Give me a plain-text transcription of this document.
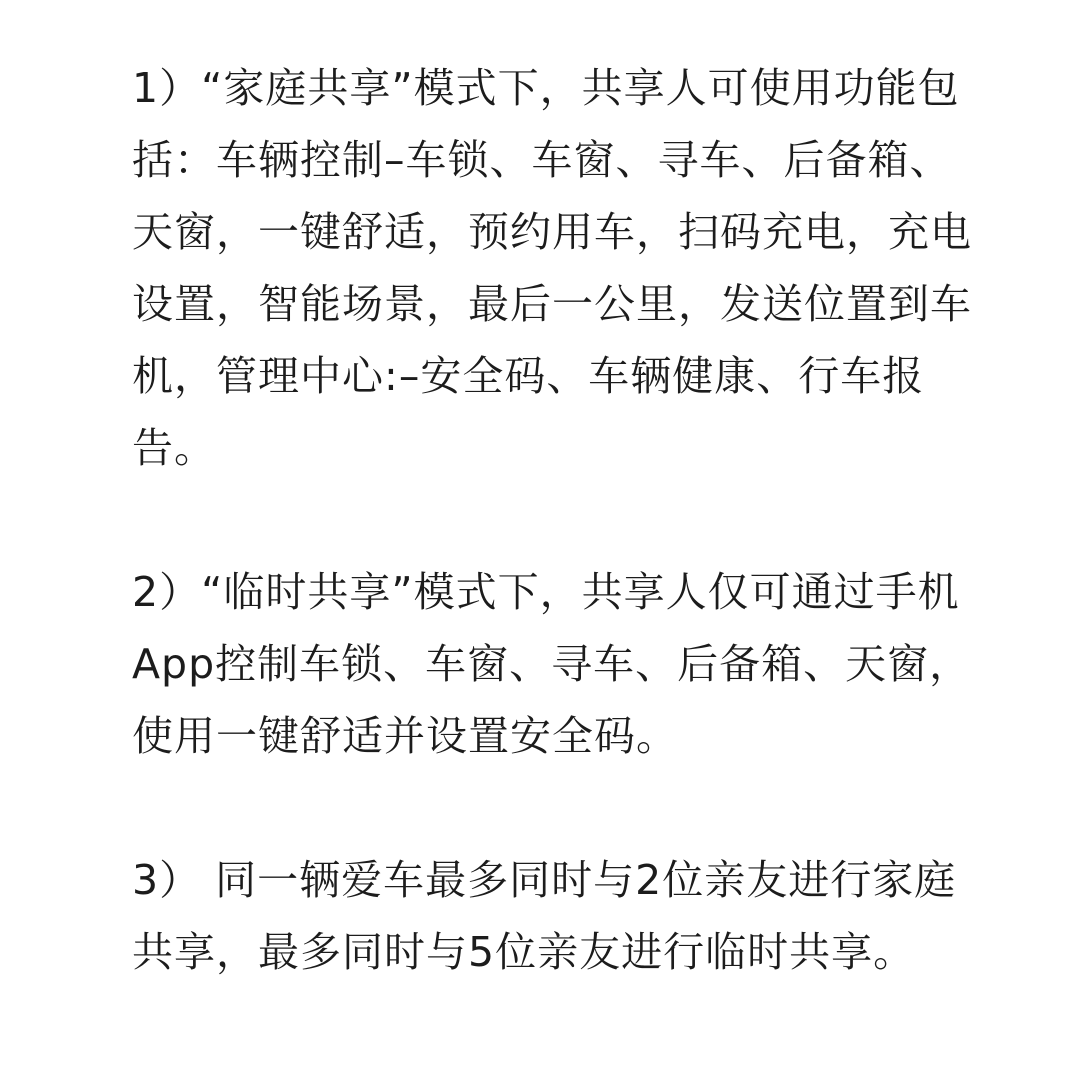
1）“家庭共享”模式下，共享人可使用功能包
括：车辆控制–车锁、车窗、寻车、后备箱、
天窗，一键舒适，预约用车，扫码充电，充电
设置，智能场景，最后一公里，发送位置到车
机，管理中心:–安全码、车辆健康、行车报
告。

2）“临时共享”模式下，共享人仅可通过手机
App控制车锁、车窗、寻车、后备箱、天窗，
使用一键舒适并设置安全码。

3） 同一辆爱车最多同时与2位亲友进行家庭
共享，最多同时与5位亲友进行临时共享。
